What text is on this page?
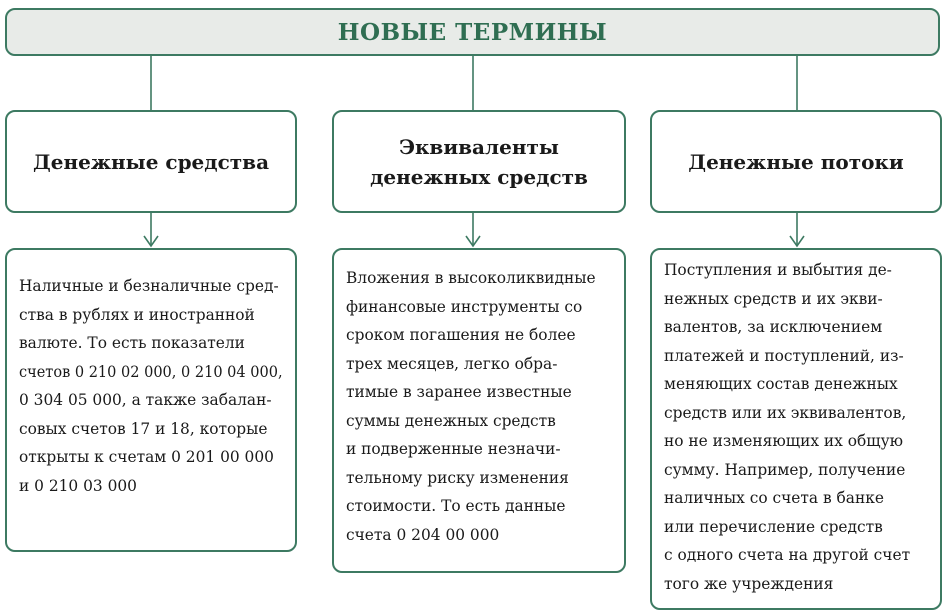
НОВЫЕ ТЕРМИНЫ
Денежные средства
Эквиваленты
денежных средств
Денежные потоки
Наличные и безналичные сред-
ства в рублях и иностранной
валюте. То есть показатели
счетов 0 210 02 000, 0 210 04 000,
0 304 05 000, а также забалан-
совых счетов 17 и 18, которые
открыты к счетам 0 201 00 000
и 0 210 03 000
Вложения в высоколиквидные
финансовые инструменты со
сроком погашения не более
трех месяцев, легко обра-
тимые в заранее известные
суммы денежных средств
и подверженные незначи-
тельному риску изменения
стоимости. То есть данные
счета 0 204 00 000
Поступления и выбытия де-
нежных средств и их экви-
валентов, за исключением
платежей и поступлений, из-
меняющих состав денежных
средств или их эквивалентов,
но не изменяющих их общую
сумму. Например, получение
наличных со счета в банке
или перечисление средств
с одного счета на другой счет
того же учреждения
